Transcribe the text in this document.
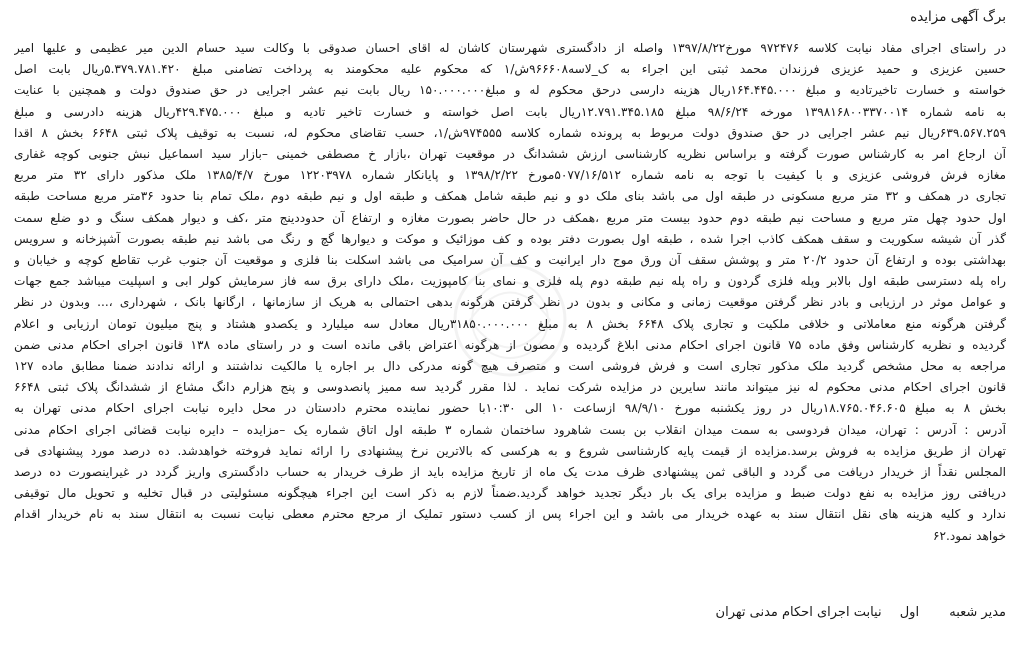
برگ آگهی مزایده
در راستای اجرای مفاد نیابت کلاسه ۹۷۲۴۷۶ مورخ۱۳۹۷/۸/۲۲ واصله از دادگستری شهرستان کاشان له اقای احسان صدوقی با وکالت سید حسام الدین میر عظیمی و علیها امیر
حسین عزیزی و حمید عزیزی فرزندان محمد ثبتی این اجراء به ک_لاسه۹۶۶۶۰۸ش/۱ که محکوم علیه محکومند به پرداخت تضامنی مبلغ ۵.۳۷۹.۷۸۱.۴۲۰ریال بابت اصل
خواسته و خسارت تاخیرتادیه و مبلغ ۱۶۴.۴۴۵.۰۰۰ریال هزینه دارسی درحق محکوم له و مبلغ۱۵۰.۰۰۰.۰۰۰ ریال بابت نیم عشر اجرایی در حق صندوق دولت و همچنین با عنایت
به نامه شماره ۱۳۹۸۱۶۸۰۰۳۳۷۰۰۱۴ مورخه ۹۸/۶/۲۴ مبلغ ۱۲.۷۹۱.۳۴۵.۱۸۵ریال بابت اصل خواسته و خسارت تاخیر تادیه و مبلغ ۴۲۹.۴۷۵.۰۰۰ریال هزینه دادرسی و مبلغ
۶۳۹.۵۶۷.۲۵۹ریال نیم عشر اجرایی در حق صندوق دولت مربوط به پرونده شماره کلاسه ۹۷۴۵۵۵ش/۱، حسب تقاضای محکوم له، نسبت به توقیف پلاک ثبتی ۶۶۴۸ بخش ۸ اقدا
آن ارجاع امر به کارشناس صورت گرفته و براساس نظریه کارشناسی ارزش ششدانگ در موقعیت تهران ،بازار خ مصطفی خمینی –بازار سید اسماعیل نبش جنوبی کوچه غفاری
مغازه فرش فروشی عزیزی و با کیفیت با توجه به نامه شماره ۵۰۷۷/۱۶/۵۱۲مورخ ۱۳۹۸/۲/۲۲ و پایانکار شماره ۱۲۲۰۳۹۷۸ مورخ ۱۳۸۵/۴/۷ ملک مذکور دارای ۳۲ متر مربع
تجاری در همکف و ۳۲ متر مربع مسکونی در طبقه اول می باشد بنای ملک دو و نیم طبقه شامل همکف و طبقه اول و نیم طبقه دوم ،ملک تمام بنا حدود ۳۶متر مربع مساحت طبقه
اول حدود چهل متر مربع و مساحت نیم طبقه دوم حدود بیست متر مربع ،همکف در حال حاضر بصورت مغازه و ارتفاع آن حدوددینج متر ،کف و دیوار همکف سنگ و دو ضلع سمت
گذر آن شیشه سکوریت و سقف همکف کاذب اجرا شده ، طبقه اول بصورت دفتر بوده و کف موزائیک و موکت و دیوارها گچ و رنگ می باشد نیم طبقه بصورت آشپزخانه و سرویس
بهداشتی بوده و ارتفاع آن حدود ۲۰/۲ متر و پوشش سقف آن ورق موج دار ایرانیت و کف آن سرامیک می باشد اسکلت بنا فلزی و موقعیت آن جنوب غرب تقاطع کوچه و خیابان و
راه پله دسترسی طبقه اول بالابر وپله فلزی گردون و راه پله نیم طبقه دوم پله فلزی و نمای بنا کامپوزیت ،ملک دارای برق سه فاز سرمایش کولر ابی و اسپلیت میباشد جمع جهات
و عوامل موثر در ارزیابی و بادر نظر گرفتن موقعیت زمانی و مکانی و بدون در نظر گرفتن هرگونه بدهی احتمالی به هریک از سازمانها ، ارگانها بانک ، شهرداری ،... وبدون در نظر
گرفتن هرگونه منع معاملاتی و خلافی ملکیت و تجاری پلاک ۶۶۴۸ بخش ۸ به مبلغ ۳۱۸۵۰.۰۰۰.۰۰۰ریال معادل سه میلیارد و یکصدو هشتاد و پنج میلیون تومان ارزیابی و اعلام
گردیده و نظریه کارشناس وفق ماده ۷۵ قانون اجرای احکام مدنی ابلاغ گردیده و مصون از هرگونه اعتراض باقی مانده است و در راستای ماده ۱۳۸ قانون اجرای احکام مدنی ضمن
مراجعه به محل مشخص گردید ملک مذکور تجاری است و فرش فروشی است و متصرف هیچ گونه مدرکی دال بر اجاره یا مالکیت نداشتند و ارائه ندادند ضمنا مطابق ماده ۱۲۷
قانون اجرای احکام مدنی محکوم له نیز میتواند مانند سایرین در مزایده شرکت نماید . لذا مقرر گردید سه ممیز پانصدوسی و پنج هزارم دانگ مشاع از ششدانگ پلاک ثبتی ۶۶۴۸
بخش ۸ به مبلغ ۱۸.۷۶۵.۰۴۶.۶۰۵ریال در روز یکشنبه مورخ ۹۸/۹/۱۰ ازساعت ۱۰ الی ۱۰:۳۰با حضور نماینده محترم دادستان در محل دایره نیابت اجرای احکام مدنی تهران به
آدرس : آدرس : تهران، میدان فردوسی به سمت میدان انقلاب بن بست شاهرود ساختمان شماره ۳ طبقه اول اتاق شماره یک –مزایده – دایره نیابت قضائی اجرای احکام مدنی
تهران از طریق مزایده به فروش برسد.مزایده از قیمت پایه کارشناسی شروع و به هرکسی که بالاترین نرخ پیشنهادی را ارائه نماید فروخته خواهدشد. ده درصد مورد پیشنهادی فی
المجلس نقداً از خریدار دریافت می گردد و الباقی ثمن پیشنهادی ظرف مدت یک ماه از تاریخ مزایده باید از طرف خریدار به حساب دادگستری واریز گردد در غیراینصورت ده درصد
دریافتی روز مزایده به نفع دولت ضبط و مزایده برای یک بار دیگر تجدید خواهد گردید.ضمناً لازم به ذکر است این اجراء هیچگونه مسئولیتی در قبال تخلیه و تحویل مال توقیفی
ندارد و کلیه هزینه های نقل انتقال سند به عهده خریدار می باشد و این اجراء پس از کسب دستور تملیک از مرجع محترم معطی نیابت نسبت به انتقال سند به نام خریدار اقدام
خواهد نمود.۶۲
مدیر شعبه اول نیابت اجرای احکام مدنی تهران
